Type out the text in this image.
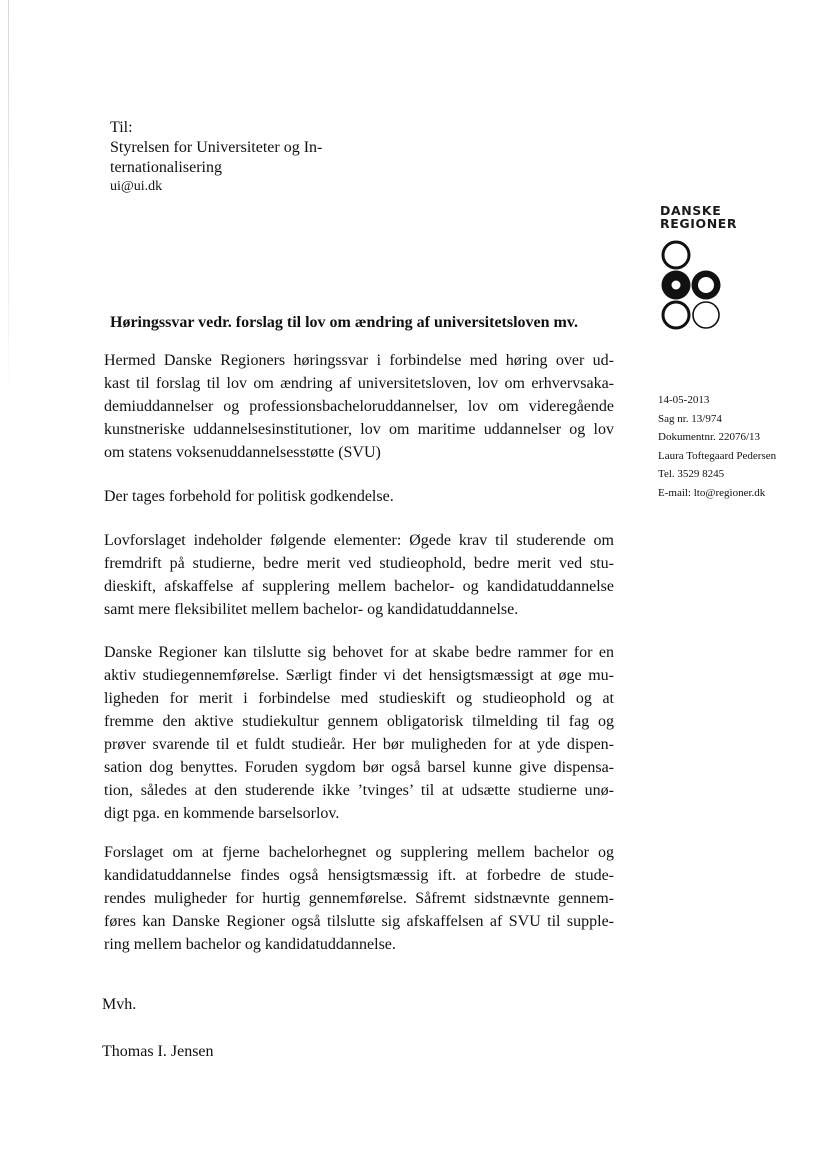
Til:
Styrelsen for Universiteter og In-
ternationalisering
ui@ui.dk
DANSKE
REGIONER
Høringssvar vedr. forslag til lov om ændring af universitetsloven mv.
14-05-2013
Sag nr. 13/974
Dokumentnr. 22076/13
Laura Toftegaard Pedersen
Tel. 3529 8245
E-mail: lto@regioner.dk
Hermed Danske Regioners høringssvar i forbindelse med høring over ud-
kast til forslag til lov om ændring af universitetsloven, lov om erhvervsaka-
demiuddannelser og professionsbacheloruddannelser, lov om videregående
kunstneriske uddannelsesinstitutioner, lov om maritime uddannelser og lov
om statens voksenuddannelsesstøtte (SVU)
Der tages forbehold for politisk godkendelse.
Lovforslaget indeholder følgende elementer: Øgede krav til studerende om
fremdrift på studierne, bedre merit ved studieophold, bedre merit ved stu-
dieskift, afskaffelse af supplering mellem bachelor- og kandidatuddannelse
samt mere fleksibilitet mellem bachelor- og kandidatuddannelse.
Danske Regioner kan tilslutte sig behovet for at skabe bedre rammer for en
aktiv studiegennemførelse. Særligt finder vi det hensigtsmæssigt at øge mu-
ligheden for merit i forbindelse med studieskift og studieophold og at
fremme den aktive studiekultur gennem obligatorisk tilmelding til fag og
prøver svarende til et fuldt studieår. Her bør muligheden for at yde dispen-
sation dog benyttes. Foruden sygdom bør også barsel kunne give dispensa-
tion, således at den studerende ikke ’tvinges’ til at udsætte studierne unø-
digt pga. en kommende barselsorlov.
Forslaget om at fjerne bachelorhegnet og supplering mellem bachelor og
kandidatuddannelse findes også hensigtsmæssig ift. at forbedre de stude-
rendes muligheder for hurtig gennemførelse. Såfremt sidstnævnte gennem-
føres kan Danske Regioner også tilslutte sig afskaffelsen af SVU til supple-
ring mellem bachelor og kandidatuddannelse.
Mvh.
Thomas I. Jensen
